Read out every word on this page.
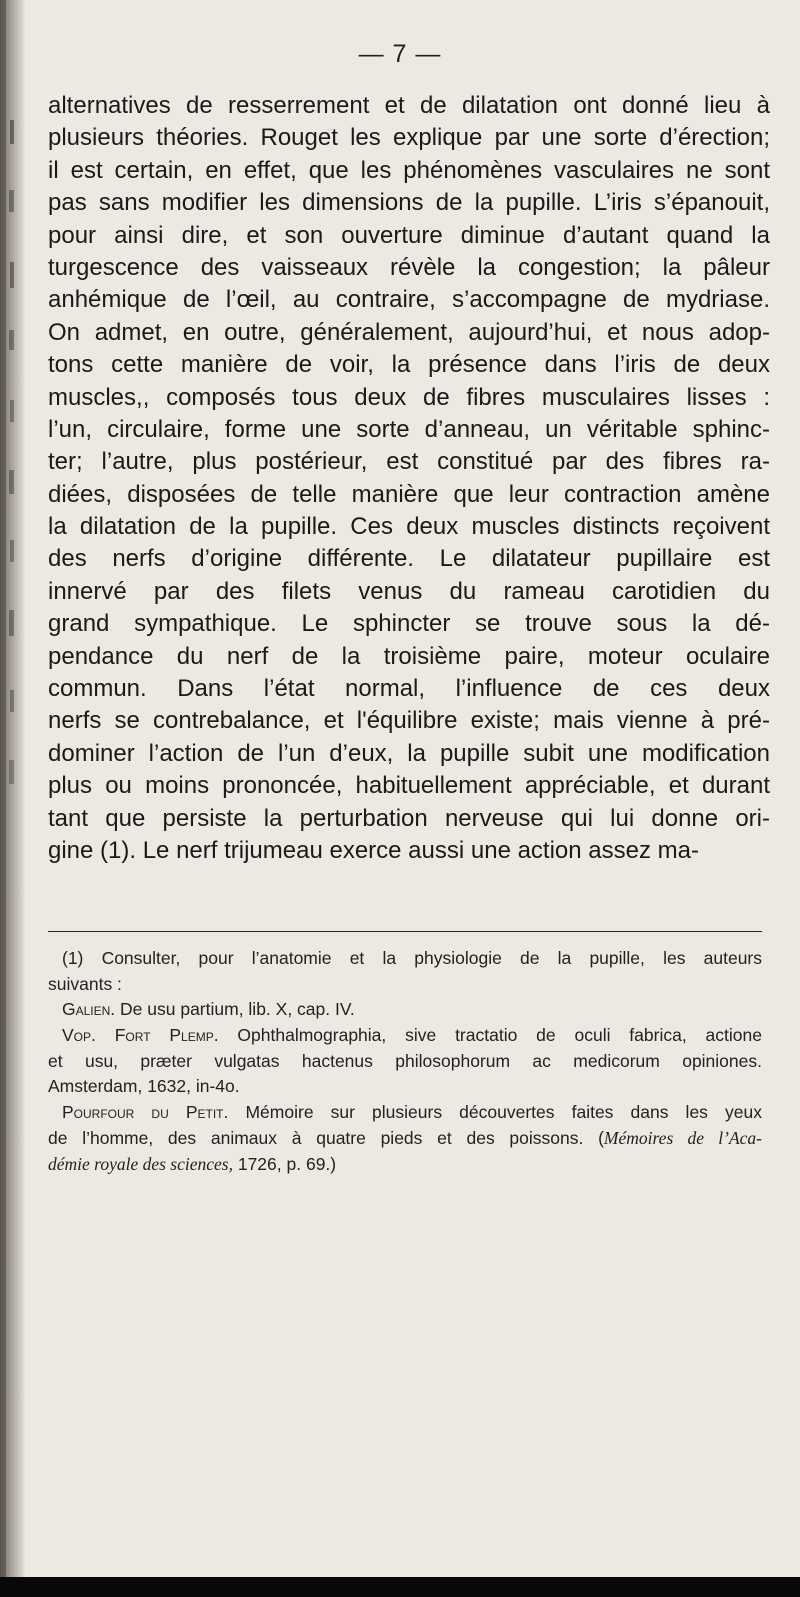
— 7 —
alternatives de resserrement et de dilatation ont donné lieu à
plusieurs théories. Rouget les explique par une sorte d’érection;
il est certain, en effet, que les phénomènes vasculaires ne sont
pas sans modifier les dimensions de la pupille. L’iris s’épanouit,
pour ainsi dire, et son ouverture diminue d’autant quand la
turgescence des vaisseaux révèle la congestion; la pâleur
anhémique de l’œil, au contraire, s’accompagne de mydriase.
On admet, en outre, généralement, aujourd’hui, et nous adop-
tons cette manière de voir, la présence dans l’iris de deux
muscles,, composés tous deux de fibres musculaires lisses :
l’un, circulaire, forme une sorte d’anneau, un véritable sphinc-
ter; l’autre, plus postérieur, est constitué par des fibres ra-
diées, disposées de telle manière que leur contraction amène
la dilatation de la pupille. Ces deux muscles distincts reçoivent
des nerfs d’origine différente. Le dilatateur pupillaire est
innervé par des filets venus du rameau carotidien du
grand sympathique. Le sphincter se trouve sous la dé-
pendance du nerf de la troisième paire, moteur oculaire
commun. Dans l’état normal, l’influence de ces deux
nerfs se contrebalance, et l'équilibre existe; mais vienne à pré-
dominer l’action de l’un d’eux, la pupille subit une modification
plus ou moins prononcée, habituellement appréciable, et durant
tant que persiste la perturbation nerveuse qui lui donne ori-
gine (1). Le nerf trijumeau exerce aussi une action assez ma-
(1) Consulter, pour l’anatomie et la physiologie de la pupille, les auteurs
suivants :
Galien. De usu partium, lib. X, cap. IV.
Vop. Fort Plemp. Ophthalmographia, sive tractatio de oculi fabrica, actione
et usu, præter vulgatas hactenus philosophorum ac medicorum opiniones.
Amsterdam, 1632, in-4o.
Pourfour du Petit. Mémoire sur plusieurs découvertes faites dans les yeux
de l’homme, des animaux à quatre pieds et des poissons. (Mémoires de l’Aca-
démie royale des sciences, 1726, p. 69.)
